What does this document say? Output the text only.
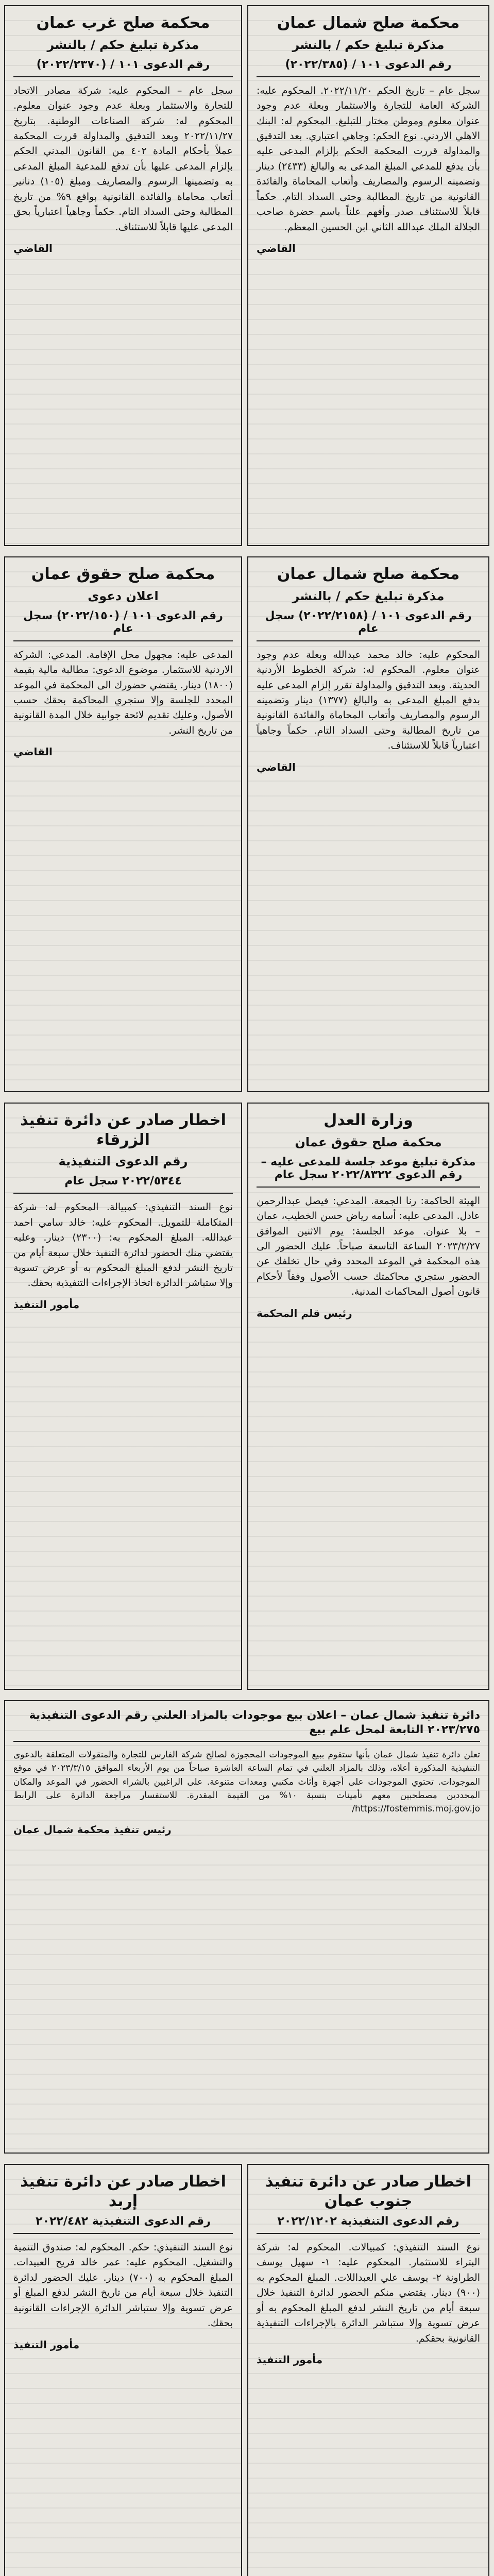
محكمة صلح شمال عمان
مذكرة تبليغ حكم / بالنشر
رقم الدعوى ١٠١ / (٢٠٢٢/٣٨٥)

سجل عام – تاريخ الحكم ٢٠٢٢/١١/٢٠. المحكوم عليه: الشركة العامة للتجارة والاستثمار وبعلة عدم وجود عنوان معلوم وموطن مختار للتبليغ. المحكوم له: البنك الاهلي الاردني. نوع الحكم: وجاهي اعتباري. بعد التدقيق والمداولة قررت المحكمة الحكم بإلزام المدعى عليه بأن يدفع للمدعي المبلغ المدعى به والبالغ (٢٤٣٣) دينار وتضمينه الرسوم والمصاريف وأتعاب المحاماة والفائدة القانونية من تاريخ المطالبة وحتى السداد التام. حكماً قابلاً للاستئناف صدر وأفهم علناً باسم حضرة صاحب الجلالة الملك عبدالله الثاني ابن الحسين المعظم.

القاضي
محكمة صلح غرب عمان
مذكرة تبليغ حكم / بالنشر
رقم الدعوى ١٠١ / (٢٠٢٢/٢٣٧٠)

سجل عام – المحكوم عليه: شركة مصادر الاتحاد للتجارة والاستثمار وبعلة عدم وجود عنوان معلوم. المحكوم له: شركة الصناعات الوطنية. بتاريخ ٢٠٢٢/١١/٢٧ وبعد التدقيق والمداولة قررت المحكمة عملاً بأحكام المادة ٤٠٢ من القانون المدني الحكم بإلزام المدعى عليها بأن تدفع للمدعية المبلغ المدعى به وتضمينها الرسوم والمصاريف ومبلغ (١٠٥) دنانير أتعاب محاماة والفائدة القانونية بواقع ٩% من تاريخ المطالبة وحتى السداد التام. حكماً وجاهياً اعتبارياً بحق المدعى عليها قابلاً للاستئناف.

القاضي
محكمة صلح شمال عمان
مذكرة تبليغ حكم / بالنشر
رقم الدعوى ١٠١ / (٢٠٢٢/٢١٥٨) سجل عام

المحكوم عليه: خالد محمد عبدالله وبعلة عدم وجود عنوان معلوم. المحكوم له: شركة الخطوط الأردنية الحديثة. وبعد التدقيق والمداولة تقرر إلزام المدعى عليه بدفع المبلغ المدعى به والبالغ (١٣٧٧) دينار وتضمينه الرسوم والمصاريف وأتعاب المحاماة والفائدة القانونية من تاريخ المطالبة وحتى السداد التام. حكماً وجاهياً اعتبارياً قابلاً للاستئناف.

القاضي
محكمة صلح حقوق عمان
اعلان دعوى
رقم الدعوى ١٠١ / (٢٠٢٢/١٥٠) سجل عام

المدعى عليه: مجهول محل الإقامة. المدعي: الشركة الاردنية للاستثمار. موضوع الدعوى: مطالبة مالية بقيمة (١٨٠٠) دينار. يقتضي حضورك الى المحكمة في الموعد المحدد للجلسة وإلا ستجري المحاكمة بحقك حسب الأصول، وعليك تقديم لائحة جوابية خلال المدة القانونية من تاريخ النشر.

القاضي
وزارة العدل
محكمة صلح حقوق عمان
مذكرة تبليغ موعد جلسة للمدعى عليه – رقم الدعوى ٢٠٢٢/٨٣٢٢ سجل عام

الهيئة الحاكمة: رنا الجمعة. المدعي: فيصل عبدالرحمن عادل. المدعى عليه: أسامه رياض حسن الخطيب، عمان – بلا عنوان. موعد الجلسة: يوم الاثنين الموافق ٢٠٢٣/٢/٢٧ الساعة التاسعة صباحاً. عليك الحضور الى هذه المحكمة في الموعد المحدد وفي حال تخلفك عن الحضور ستجري محاكمتك حسب الأصول وفقاً لأحكام قانون أصول المحاكمات المدنية.

رئيس قلم المحكمة
اخطار صادر عن دائرة تنفيذ الزرقاء
رقم الدعوى التنفيذية
٢٠٢٢/٥٣٤٤ سجل عام

نوع السند التنفيذي: كمبيالة. المحكوم له: شركة المتكاملة للتمويل. المحكوم عليه: خالد سامي احمد عبدالله. المبلغ المحكوم به: (٢٣٠٠) دينار. وعليه يقتضي منك الحضور لدائرة التنفيذ خلال سبعة أيام من تاريخ النشر لدفع المبلغ المحكوم به أو عرض تسوية وإلا ستباشر الدائرة اتخاذ الإجراءات التنفيذية بحقك.

مأمور التنفيذ
دائرة تنفيذ شمال عمان – اعلان بيع موجودات بالمزاد العلني رقم الدعوى التنفيذية ٢٠٢٣/٢٧٥ التابعة لمحل علم بيع

تعلن دائرة تنفيذ شمال عمان بأنها ستقوم ببيع الموجودات المحجوزة لصالح شركة الفارس للتجارة والمنقولات المتعلقة بالدعوى التنفيذية المذكورة أعلاه، وذلك بالمزاد العلني في تمام الساعة العاشرة صباحاً من يوم الأربعاء الموافق ٢٠٢٣/٣/١٥ في موقع الموجودات. تحتوي الموجودات على أجهزة وأثاث مكتبي ومعدات متنوعة. على الراغبين بالشراء الحضور في الموعد والمكان المحددين مصطحبين معهم تأمينات بنسبة ١٠% من القيمة المقدرة. للاستفسار مراجعة الدائرة على الرابط https://fostemmis.moj.gov.jo/

رئيس تنفيذ محكمة شمال عمان
اخطار صادر عن دائرة تنفيذ جنوب عمان
رقم الدعوى التنفيذية ٢٠٢٢/١٢٠٢

نوع السند التنفيذي: كمبيالات. المحكوم له: شركة البتراء للاستثمار. المحكوم عليه: ١- سهيل يوسف الطراونة ٢- يوسف علي العبداللات. المبلغ المحكوم به (٩٠٠) دينار. يقتضي منكم الحضور لدائرة التنفيذ خلال سبعة أيام من تاريخ النشر لدفع المبلغ المحكوم به أو عرض تسوية وإلا ستباشر الدائرة بالإجراءات التنفيذية القانونية بحقكم.

مأمور التنفيذ
اخطار صادر عن دائرة تنفيذ إربد
رقم الدعوى التنفيذية ٢٠٢٢/٤٨٢

نوع السند التنفيذي: حكم. المحكوم له: صندوق التنمية والتشغيل. المحكوم عليه: عمر خالد فريح العبيدات. المبلغ المحكوم به (٧٠٠) دينار. عليك الحضور لدائرة التنفيذ خلال سبعة أيام من تاريخ النشر لدفع المبلغ أو عرض تسوية وإلا ستباشر الدائرة الإجراءات القانونية بحقك.

مأمور التنفيذ
